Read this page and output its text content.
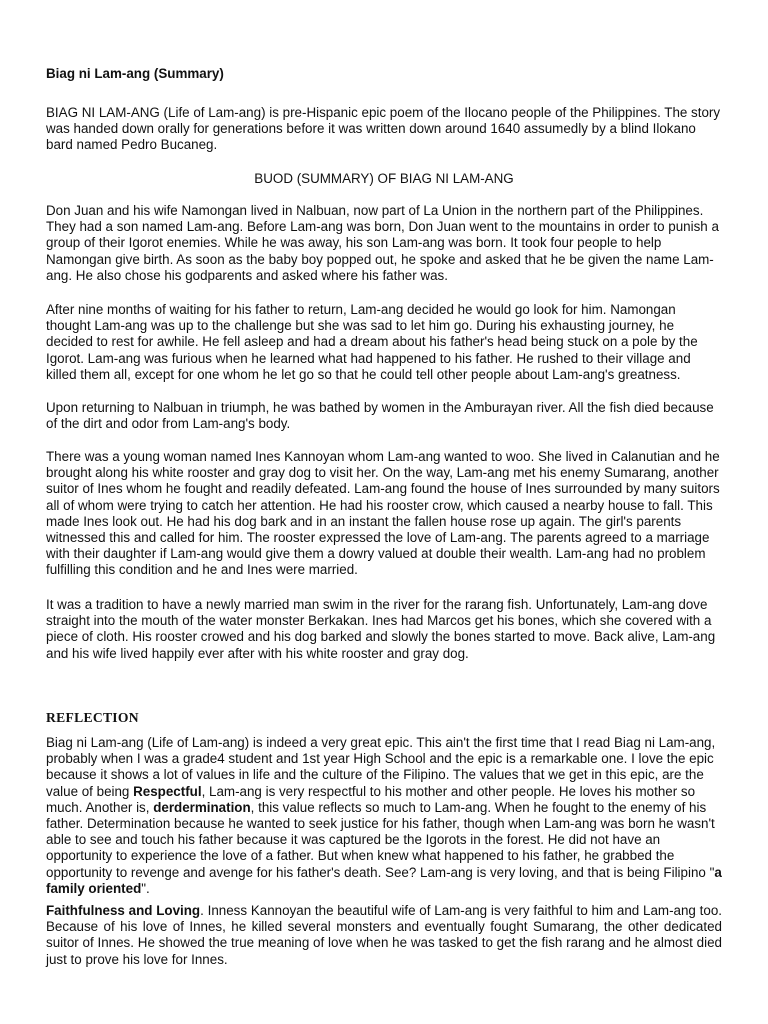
Biag ni Lam-ang (Summary)
BIAG NI LAM-ANG (Life of Lam-ang) is pre-Hispanic epic poem of the Ilocano people of the Philippines. The story was handed down orally for generations before it was written down around 1640 assumedly by a blind Ilokano bard named Pedro Bucaneg.
BUOD (SUMMARY) OF BIAG NI LAM-ANG
Don Juan and his wife Namongan lived in Nalbuan, now part of La Union in the northern part of the Philippines. They had a son named Lam-ang. Before Lam-ang was born, Don Juan went to the mountains in order to punish a group of their Igorot enemies. While he was away, his son Lam-ang was born. It took four people to help Namongan give birth. As soon as the baby boy popped out, he spoke and asked that he be given the name Lam-ang. He also chose his godparents and asked where his father was.
After nine months of waiting for his father to return, Lam-ang decided he would go look for him. Namongan thought Lam-ang was up to the challenge but she was sad to let him go. During his exhausting journey, he decided to rest for awhile. He fell asleep and had a dream about his father's head being stuck on a pole by the Igorot. Lam-ang was furious when he learned what had happened to his father. He rushed to their village and killed them all, except for one whom he let go so that he could tell other people about Lam-ang's greatness.
Upon returning to Nalbuan in triumph, he was bathed by women in the Amburayan river. All the fish died because of the dirt and odor from Lam-ang's body.
There was a young woman named Ines Kannoyan whom Lam-ang wanted to woo. She lived in Calanutian and he brought along his white rooster and gray dog to visit her. On the way, Lam-ang met his enemy Sumarang, another suitor of Ines whom he fought and readily defeated. Lam-ang found the house of Ines surrounded by many suitors all of whom were trying to catch her attention. He had his rooster crow, which caused a nearby house to fall. This made Ines look out. He had his dog bark and in an instant the fallen house rose up again. The girl's parents witnessed this and called for him. The rooster expressed the love of Lam-ang. The parents agreed to a marriage with their daughter if Lam-ang would give them a dowry valued at double their wealth. Lam-ang had no problem fulfilling this condition and he and Ines were married.
It was a tradition to have a newly married man swim in the river for the rarang fish. Unfortunately, Lam-ang dove straight into the mouth of the water monster Berkakan. Ines had Marcos get his bones, which she covered with a piece of cloth. His rooster crowed and his dog barked and slowly the bones started to move. Back alive, Lam-ang and his wife lived happily ever after with his white rooster and gray dog.
REFLECTION
Biag ni Lam-ang (Life of Lam-ang) is indeed a very great epic. This ain't the first time that I read Biag ni Lam-ang, probably when I was a grade4 student and 1st year High School and the epic is a remarkable one. I love the epic because it shows a lot of values in life and the culture of the Filipino. The values that we get in this epic, are the value of being Respectful, Lam-ang is very respectful to his mother and other people. He loves his mother so much. Another is, derdermination, this value reflects so much to Lam-ang. When he fought to the enemy of his father. Determination because he wanted to seek justice for his father, though when Lam-ang was born he wasn't able to see and touch his father because it was captured be the Igorots in the forest. He did not have an opportunity to experience the love of a father. But when knew what happened to his father, he grabbed the opportunity to revenge and avenge for his father's death. See? Lam-ang is very loving, and that is being Filipino "a family oriented".
Faithfulness and Loving. Inness Kannoyan the beautiful wife of Lam-ang is very faithful to him and Lam-ang too. Because of his love of Innes, he killed several monsters and eventually fought Sumarang, the other dedicated suitor of Innes. He showed the true meaning of love when he was tasked to get the fish rarang and he almost died just to prove his love for Innes.
